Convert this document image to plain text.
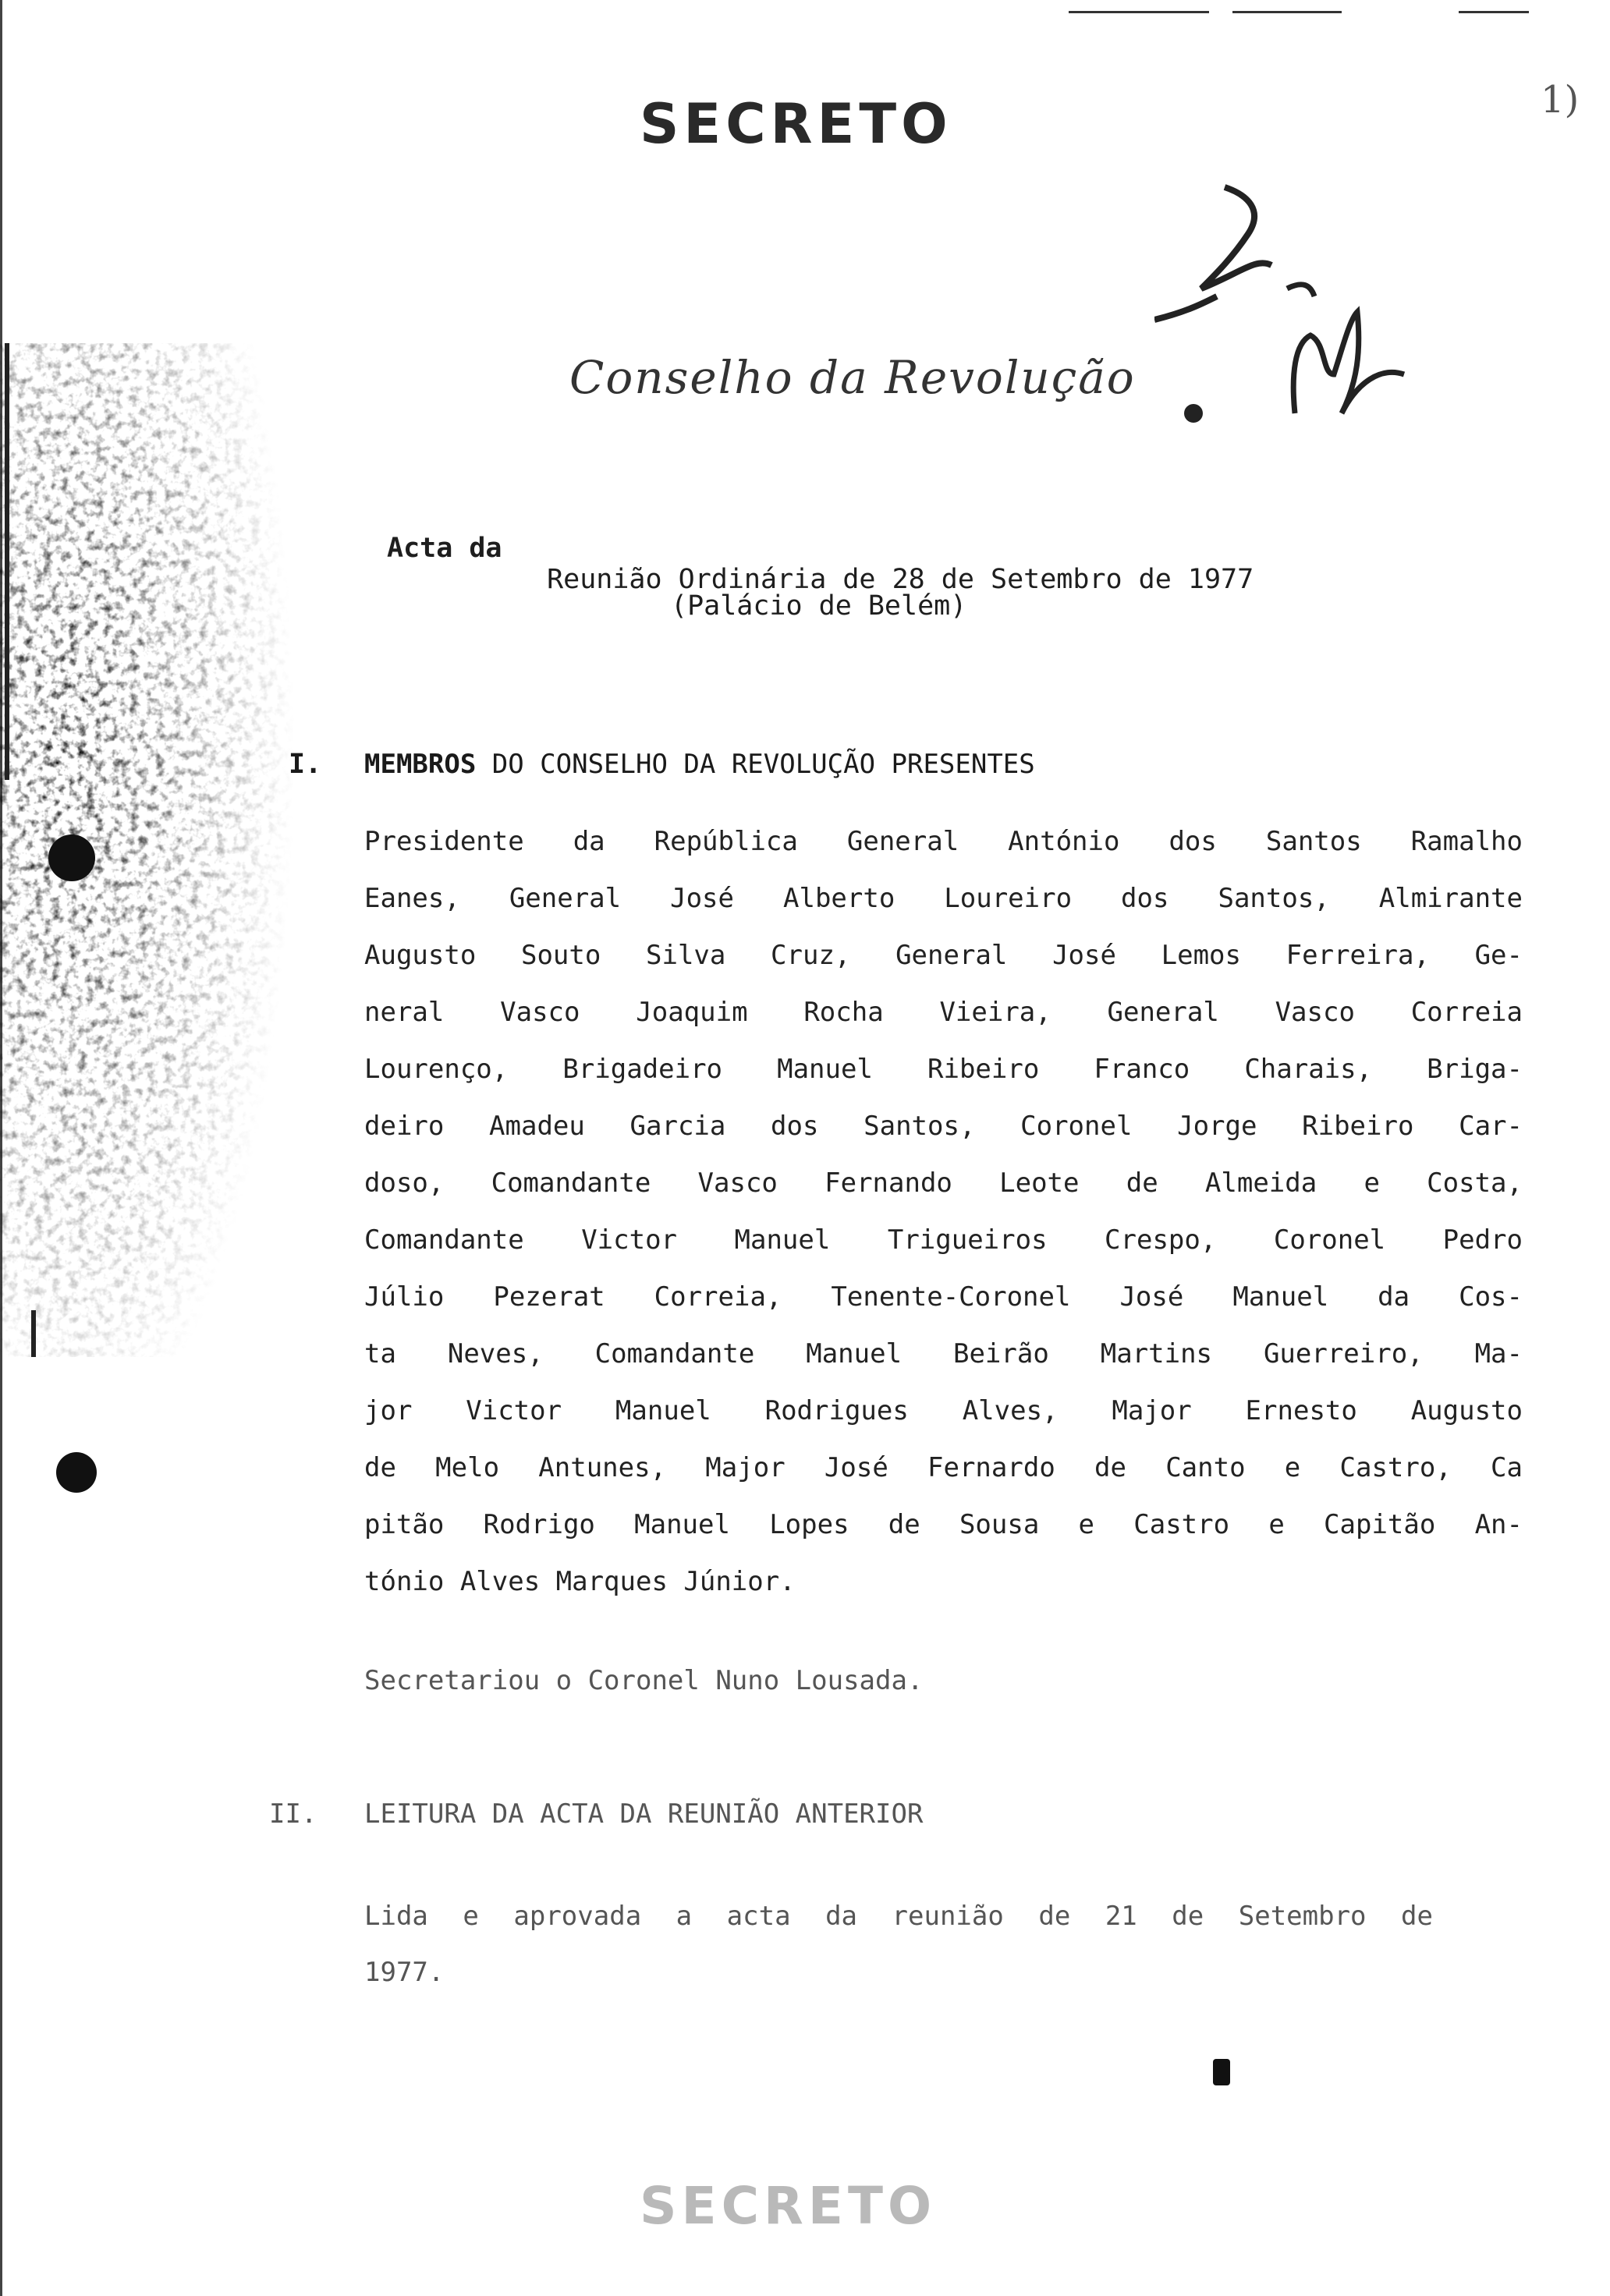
SECRETO	1)
Conselho da Revolução

Acta da

Reunião Ordinária de 28 de Setembro de 1977

(Palácio de Belém)

I. MEMBROS DO CONSELHO DA REVOLUÇÃO PRESENTES
Presidente da República General António dos Santos Ramalho
Eanes, General José Alberto Loureiro dos Santos, Almirante
Augusto Souto Silva Cruz, General José Lemos Ferreira, Ge-
neral Vasco Joaquim Rocha Vieira, General Vasco Correia
Lourenço, Brigadeiro Manuel Ribeiro Franco Charais, Briga-
deiro Amadeu Garcia dos Santos, Coronel Jorge Ribeiro Car-
doso, Comandante Vasco Fernando Leote de Almeida e Costa,
Comandante Victor Manuel Trigueiros Crespo, Coronel Pedro
Júlio Pezerat Correia, Tenente-Coronel José Manuel da Cos-
ta Neves, Comandante Manuel Beirão Martins Guerreiro, Ma-
jor Victor Manuel Rodrigues Alves, Major Ernesto Augusto
de Melo Antunes, Major José Fernardo de Canto e Castro, Ca
pitão Rodrigo Manuel Lopes de Sousa e Castro e Capitão An-
tónio Alves Marques Júnior.
Secretariou o Coronel Nuno Lousada.
II. LEITURA DA ACTA DA REUNIÃO ANTERIOR
Lida e aprovada a acta da reunião de 21 de Setembro de
1977.
SECRETO
